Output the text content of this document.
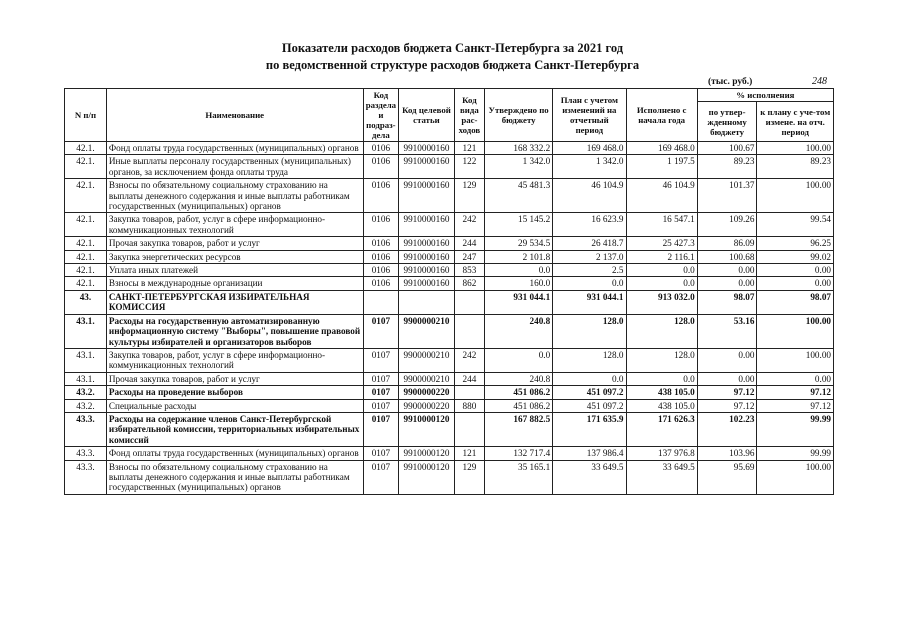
Показатели расходов бюджета Санкт-Петербурга за 2021 год
по ведомственной структуре расходов бюджета Санкт-Петербурга
(тыс. руб.)	248
N п/п	Наименование	Код раздела и подраз-дела	Код целевой статьи	Код вида рас-ходов	Утверждено по бюджету	План с учетом изменений на отчетный период	Исполнено с начала года	% исполнения	
								по утвер-жденному бюджету	к плану с уче-том измене. на отч. период
42.1.	Фонд оплаты труда государственных (муниципальных) органов	0106	9910000160	121	168 332.2	169 468.0	169 468.0	100.67	100.00
42.1.	Иные выплаты персоналу государственных (муниципальных) органов, за исключением фонда оплаты труда	0106	9910000160	122	1 342.0	1 342.0	1 197.5	89.23	89.23
42.1.	Взносы по обязательному социальному страхованию на выплаты денежного содержания и иные выплаты работникам государственных (муниципальных) органов	0106	9910000160	129	45 481.3	46 104.9	46 104.9	101.37	100.00
42.1.	Закупка товаров, работ, услуг в сфере информационно-коммуникационных технологий	0106	9910000160	242	15 145.2	16 623.9	16 547.1	109.26	99.54
42.1.	Прочая закупка товаров, работ и услуг	0106	9910000160	244	29 534.5	26 418.7	25 427.3	86.09	96.25
42.1.	Закупка энергетических ресурсов	0106	9910000160	247	2 101.8	2 137.0	2 116.1	100.68	99.02
42.1.	Уплата иных платежей	0106	9910000160	853	0.0	2.5	0.0	0.00	0.00
42.1.	Взносы в международные организации	0106	9910000160	862	160.0	0.0	0.0	0.00	0.00
43.	САНКТ-ПЕТЕРБУРГСКАЯ ИЗБИРАТЕЛЬНАЯ КОМИССИЯ				931 044.1	931 044.1	913 032.0	98.07	98.07
43.1.	Расходы на государственную автоматизированную информационную систему "Выборы", повышение правовой культуры избирателей и организаторов выборов	0107	9900000210		240.8	128.0	128.0	53.16	100.00
43.1.	Закупка товаров, работ, услуг в сфере информационно-коммуникационных технологий	0107	9900000210	242	0.0	128.0	128.0	0.00	100.00
43.1.	Прочая закупка товаров, работ и услуг	0107	9900000210	244	240.8	0.0	0.0	0.00	0.00
43.2.	Расходы на проведение выборов	0107	9900000220		451 086.2	451 097.2	438 105.0	97.12	97.12
43.2.	Специальные расходы	0107	9900000220	880	451 086.2	451 097.2	438 105.0	97.12	97.12
43.3.	Расходы на содержание членов Санкт-Петербургской избирательной комиссии, территориальных избирательных комиссий	0107	9910000120		167 882.5	171 635.9	171 626.3	102.23	99.99
43.3.	Фонд оплаты труда государственных (муниципальных) органов	0107	9910000120	121	132 717.4	137 986.4	137 976.8	103.96	99.99
43.3.	Взносы по обязательному социальному страхованию на выплаты денежного содержания и иные выплаты работникам государственных (муниципальных) органов	0107	9910000120	129	35 165.1	33 649.5	33 649.5	95.69	100.00
